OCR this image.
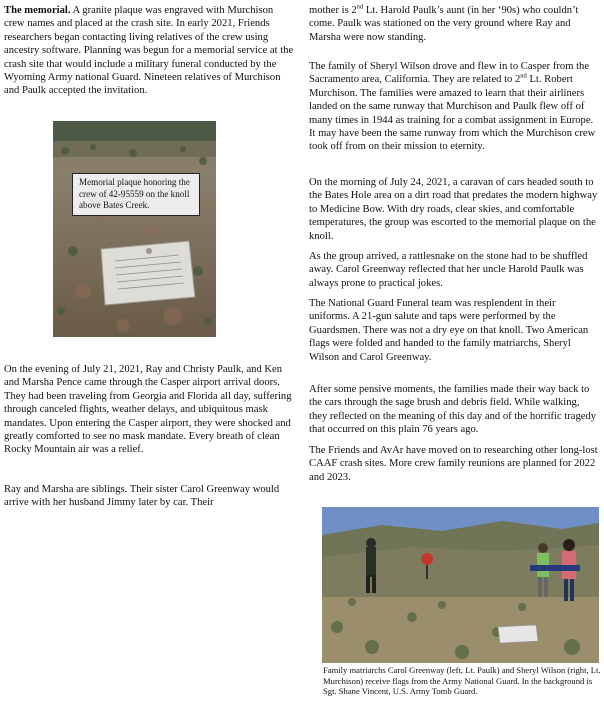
The memorial. A granite plaque was engraved with Murchison crew names and placed at the crash site. In early 2021, Friends researchers began contacting living relatives of the crew using ancestry software. Planning was begun for a memorial service at the crash site that would include a military funeral conducted by the Wyoming Army national Guard. Nineteen relatives of Murchison and Paulk accepted the invitation.

On the evening of July 21, 2021, Ray and Christy Paulk, and Ken and Marsha Pence came through the Casper airport arrival doors. They had been traveling from Georgia and Florida all day, suffering through canceled flights, weather delays, and ubiquitous mask mandates. Upon entering the Casper airport, they were shocked and greatly comforted to see no mask mandate. Every breath of clean Rocky Mountain air was a relief.

Ray and Marsha are siblings. Their sister Carol Greenway would arrive with her husband Jimmy later by car. Their

Memorial plaque honoring the crew of 42-95559 on the knoll above Bates Creek.

mother is 2nd Lt. Harold Paulk’s aunt (in her ‘90s) who couldn’t come. Paulk was stationed on the very ground where Ray and Marsha were now standing.

The family of Sheryl Wilson drove and flew in to Casper from the Sacramento area, California. They are related to 2nd Lt. Robert Murchison. The families were amazed to learn that their airliners landed on the same runway that Murchison and Paulk flew off of many times in 1944 as training for a combat assignment in Europe. It may have been the same runway from which the Murchison crew took off from on their mission to eternity.

On the morning of July 24, 2021, a caravan of cars headed south to the Bates Hole area on a dirt road that predates the modern highway to Medicine Bow. With dry roads, clear skies, and comfortable temperatures, the group was escorted to the memorial plaque on the knoll.

As the group arrived, a rattlesnake on the stone had to be shuffled away. Carol Greenway reflected that her uncle Harold Paulk was always prone to practical jokes.

The National Guard Funeral team was resplendent in their uniforms. A 21-gun salute and taps were performed by the Guardsmen. There was not a dry eye on that knoll. Two American flags were folded and handed to the family matriarchs, Sheryl Wilson and Carol Greenway.

After some pensive moments, the families made their way back to the cars through the sage brush and debris field. While walking, they reflected on the meaning of this day and of the horrific tragedy that occurred on this plain 76 years ago.

The Friends and AvAr have moved on to researching other long-lost CAAF crash sites. More crew family reunions are planned for 2022 and 2023.

Family matriarchs Carol Greenway (left, Lt. Paulk) and Sheryl Wilson (right, Lt. Murchison) receive flags from the Army National Guard. In the background is Sgt. Shane Vincent, U.S. Army Tomb Guard.
